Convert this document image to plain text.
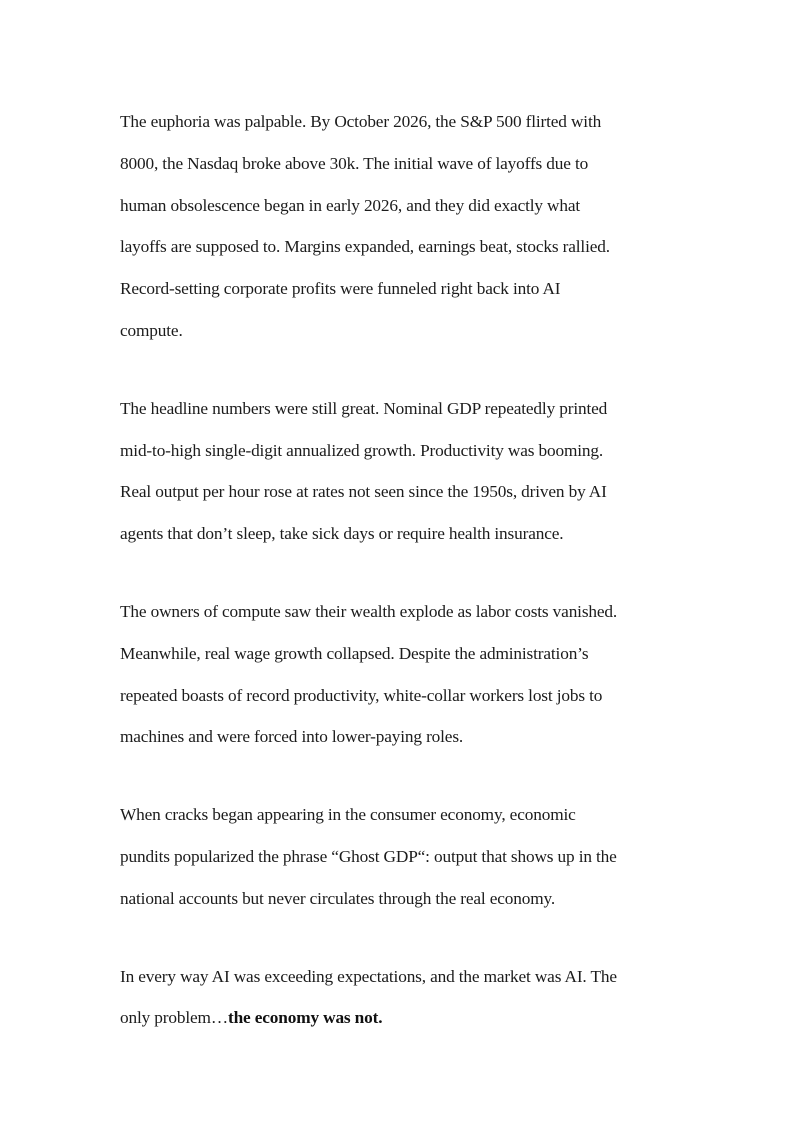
The euphoria was palpable. By October 2026, the S&P 500 flirted with
8000, the Nasdaq broke above 30k. The initial wave of layoffs due to
human obsolescence began in early 2026, and they did exactly what
layoffs are supposed to. Margins expanded, earnings beat, stocks rallied.
Record-setting corporate profits were funneled right back into AI
compute.

The headline numbers were still great. Nominal GDP repeatedly printed
mid-to-high single-digit annualized growth. Productivity was booming.
Real output per hour rose at rates not seen since the 1950s, driven by AI
agents that don’t sleep, take sick days or require health insurance.

The owners of compute saw their wealth explode as labor costs vanished.
Meanwhile, real wage growth collapsed. Despite the administration’s
repeated boasts of record productivity, white-collar workers lost jobs to
machines and were forced into lower-paying roles.

When cracks began appearing in the consumer economy, economic
pundits popularized the phrase “Ghost GDP“: output that shows up in the
national accounts but never circulates through the real economy.

In every way AI was exceeding expectations, and the market was AI. The
only problem…the economy was not.
